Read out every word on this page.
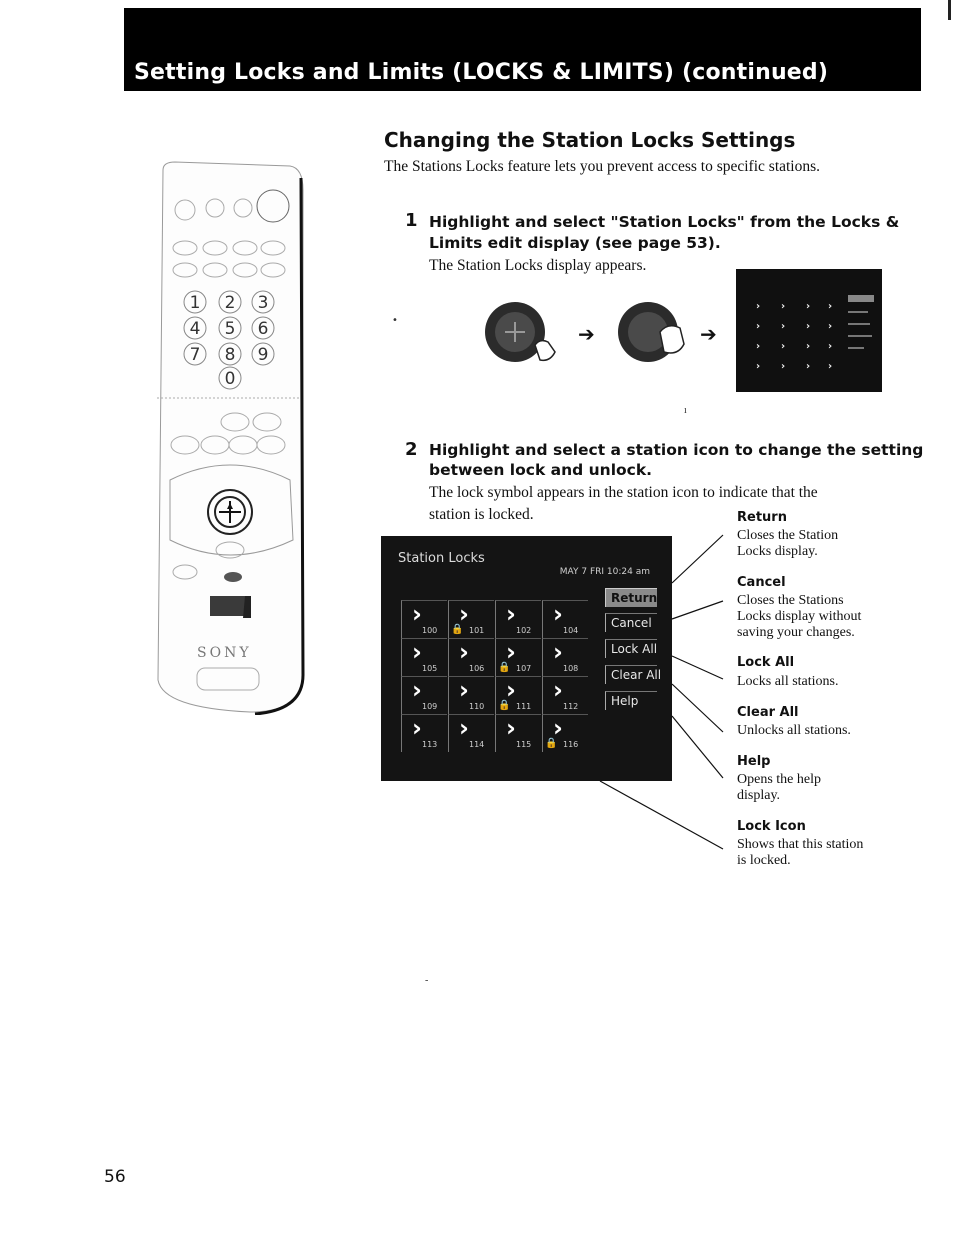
Setting Locks and Limits (LOCKS & LIMITS) (continued)
1 2 3
4 5 6
7 8 9
0
SONY
Changing the Station Locks Settings
The Stations Locks feature lets you prevent access to specific stations.
1 Highlight and select "Station Locks" from the Locks &

Limits edit display (see page 53).

The Station Locks display appears.
•
➔	➔
› › › ›
› › › ›
› › › ›
› › › ›
2 Highlight and select a station icon to change the setting

between lock and unlock.

The lock symbol appears in the station icon to indicate that the
station is locked.
Station Locks
MAY 7 FRI 10:24 am
›
100
›
🔒 101
›
102
›
104
›
105
›
106
›
🔒 107
›
108
›
109
›
110
›
🔒 111
›
112
›
113
›
114
›
115
›
🔒 116
Return
Cancel
Lock All
Clear All
Help

Return

Closes the Station
Locks display.

Cancel

Closes the Stations
Locks display without
saving your changes.

Lock All

Locks all stations.

Clear All

Unlocks all stations.

Help

Opens the help
display.

Lock Icon

Shows that this station
is locked.
ı
-
56
